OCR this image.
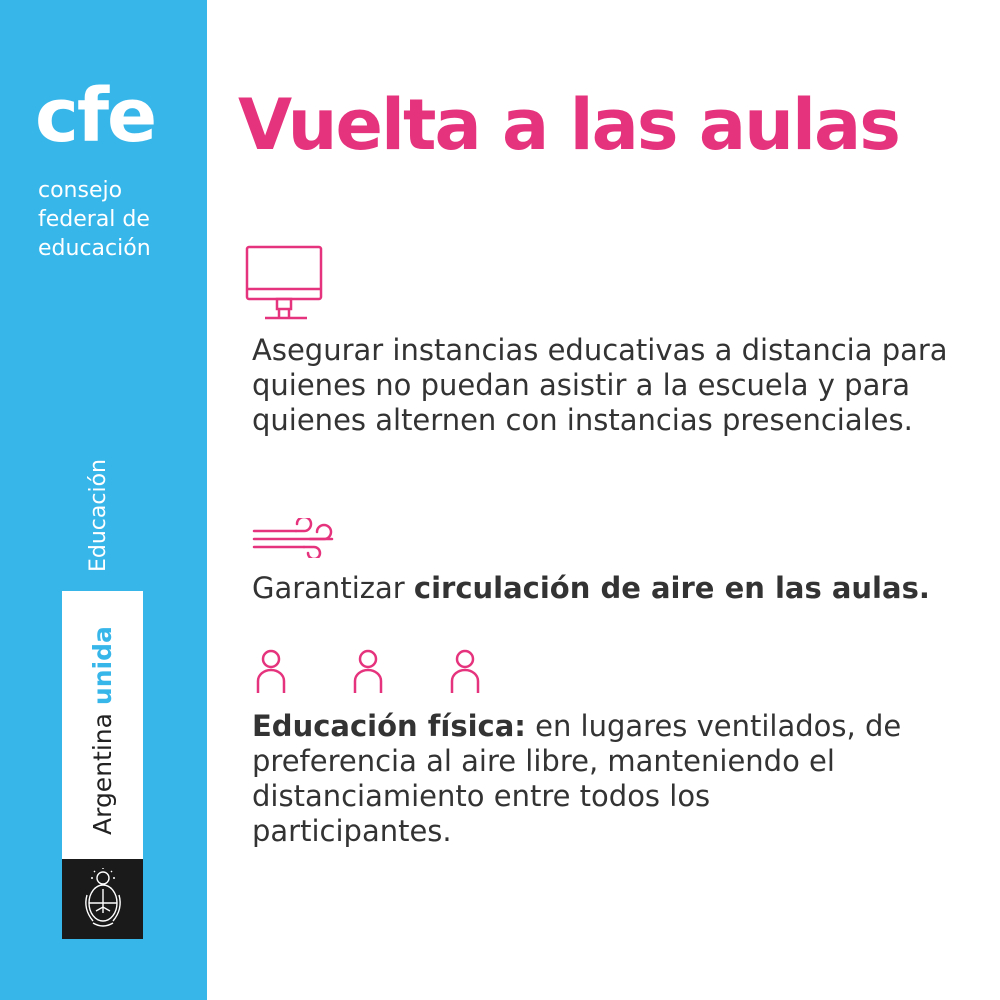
cfe
consejo
federal de
educación
Educación
Argentina unida
Vuelta a las aulas

Asegurar instancias educativas a distancia para quienes no puedan asistir a la escuela y para quienes alternen con instancias presenciales.

Garantizar circulación de aire en las aulas.

Educación física: en lugares ventilados, de preferencia al aire libre, manteniendo el distanciamiento entre todos los participantes.
